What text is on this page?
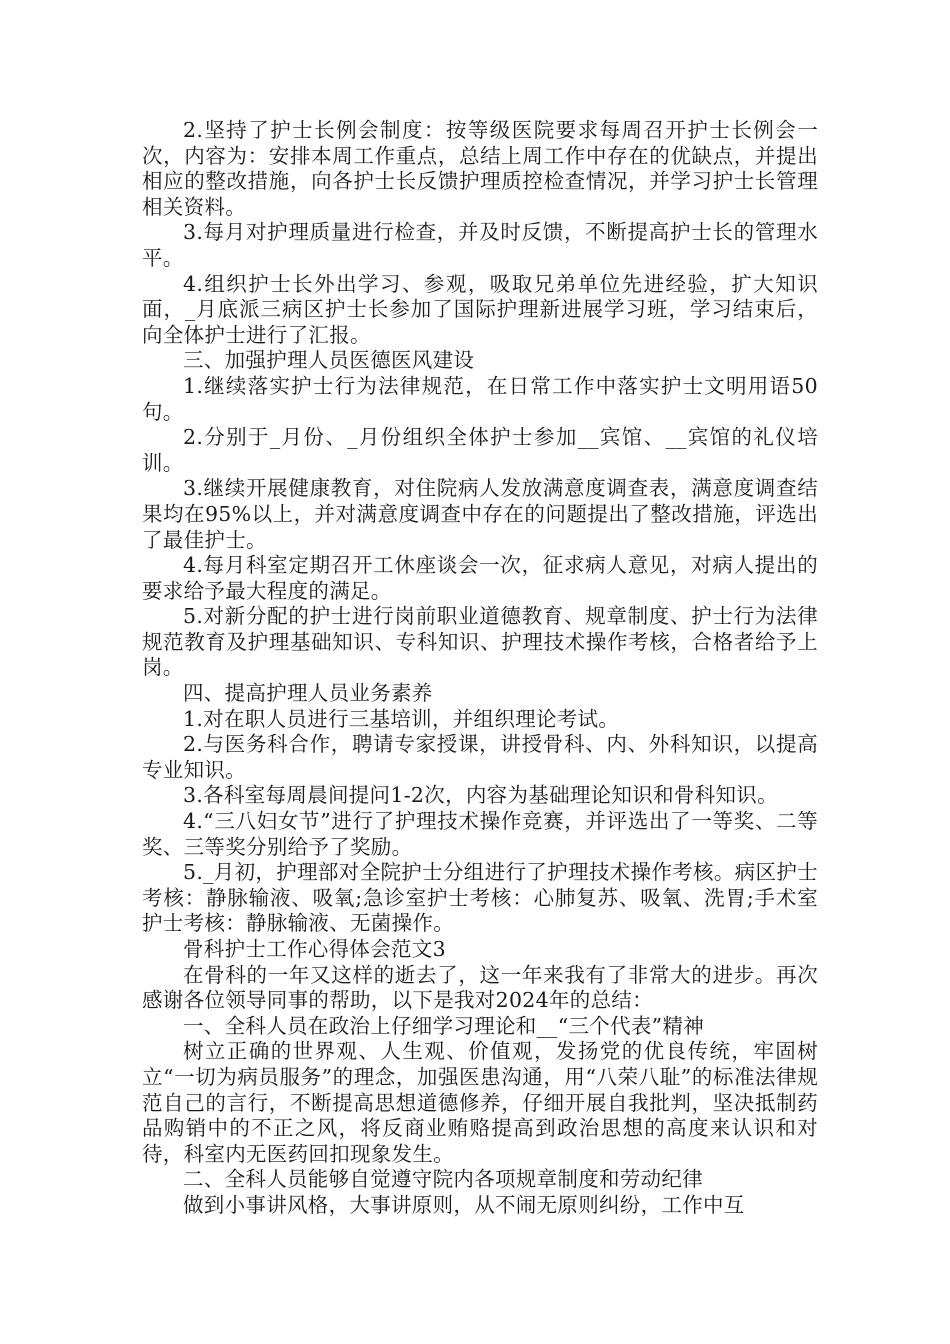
2.坚持了护士长例会制度：按等级医院要求每周召开护士长例会一次，内容为：安排本周工作重点，总结上周工作中存在的优缺点，并提出相应的整改措施，向各护士长反馈护理质控检查情况，并学习护士长管理相关资料。

3.每月对护理质量进行检查，并及时反馈，不断提高护士长的管理水平。

4.组织护士长外出学习、参观，吸取兄弟单位先进经验，扩大知识面，_月底派三病区护士长参加了国际护理新进展学习班，学习结束后，向全体护士进行了汇报。

三、加强护理人员医德医风建设

1.继续落实护士行为法律规范，在日常工作中落实护士文明用语50句。

2.分别于_月份、_月份组织全体护士参加__宾馆、__宾馆的礼仪培训。

3.继续开展健康教育，对住院病人发放满意度调查表，满意度调查结果均在95%以上，并对满意度调查中存在的问题提出了整改措施，评选出了最佳护士。

4.每月科室定期召开工休座谈会一次，征求病人意见，对病人提出的要求给予最大程度的满足。

5.对新分配的护士进行岗前职业道德教育、规章制度、护士行为法律规范教育及护理基础知识、专科知识、护理技术操作考核，合格者给予上岗。

四、提高护理人员业务素养

1.对在职人员进行三基培训，并组织理论考试。

2.与医务科合作，聘请专家授课，讲授骨科、内、外科知识，以提高专业知识。

3.各科室每周晨间提问1-2次，内容为基础理论知识和骨科知识。

4.“三八妇女节”进行了护理技术操作竞赛，并评选出了一等奖、二等奖、三等奖分别给予了奖励。

5._月初，护理部对全院护士分组进行了护理技术操作考核。病区护士考核：静脉输液、吸氧;急诊室护士考核：心肺复苏、吸氧、洗胃;手术室护士考核：静脉输液、无菌操作。

骨科护士工作心得体会范文3

在骨科的一年又这样的逝去了，这一年来我有了非常大的进步。再次感谢各位领导同事的帮助，以下是我对2024年的总结：

一、全科人员在政治上仔细学习理论和__“三个代表”精神

树立正确的世界观、人生观、价值观，发扬党的优良传统，牢固树立“一切为病员服务”的理念，加强医患沟通，用“八荣八耻”的标准法律规范自己的言行，不断提高思想道德修养，仔细开展自我批判，坚决抵制药品购销中的不正之风，将反商业贿赂提高到政治思想的高度来认识和对待，科室内无医药回扣现象发生。

二、全科人员能够自觉遵守院内各项规章制度和劳动纪律

做到小事讲风格，大事讲原则，从不闹无原则纠纷，工作中互
